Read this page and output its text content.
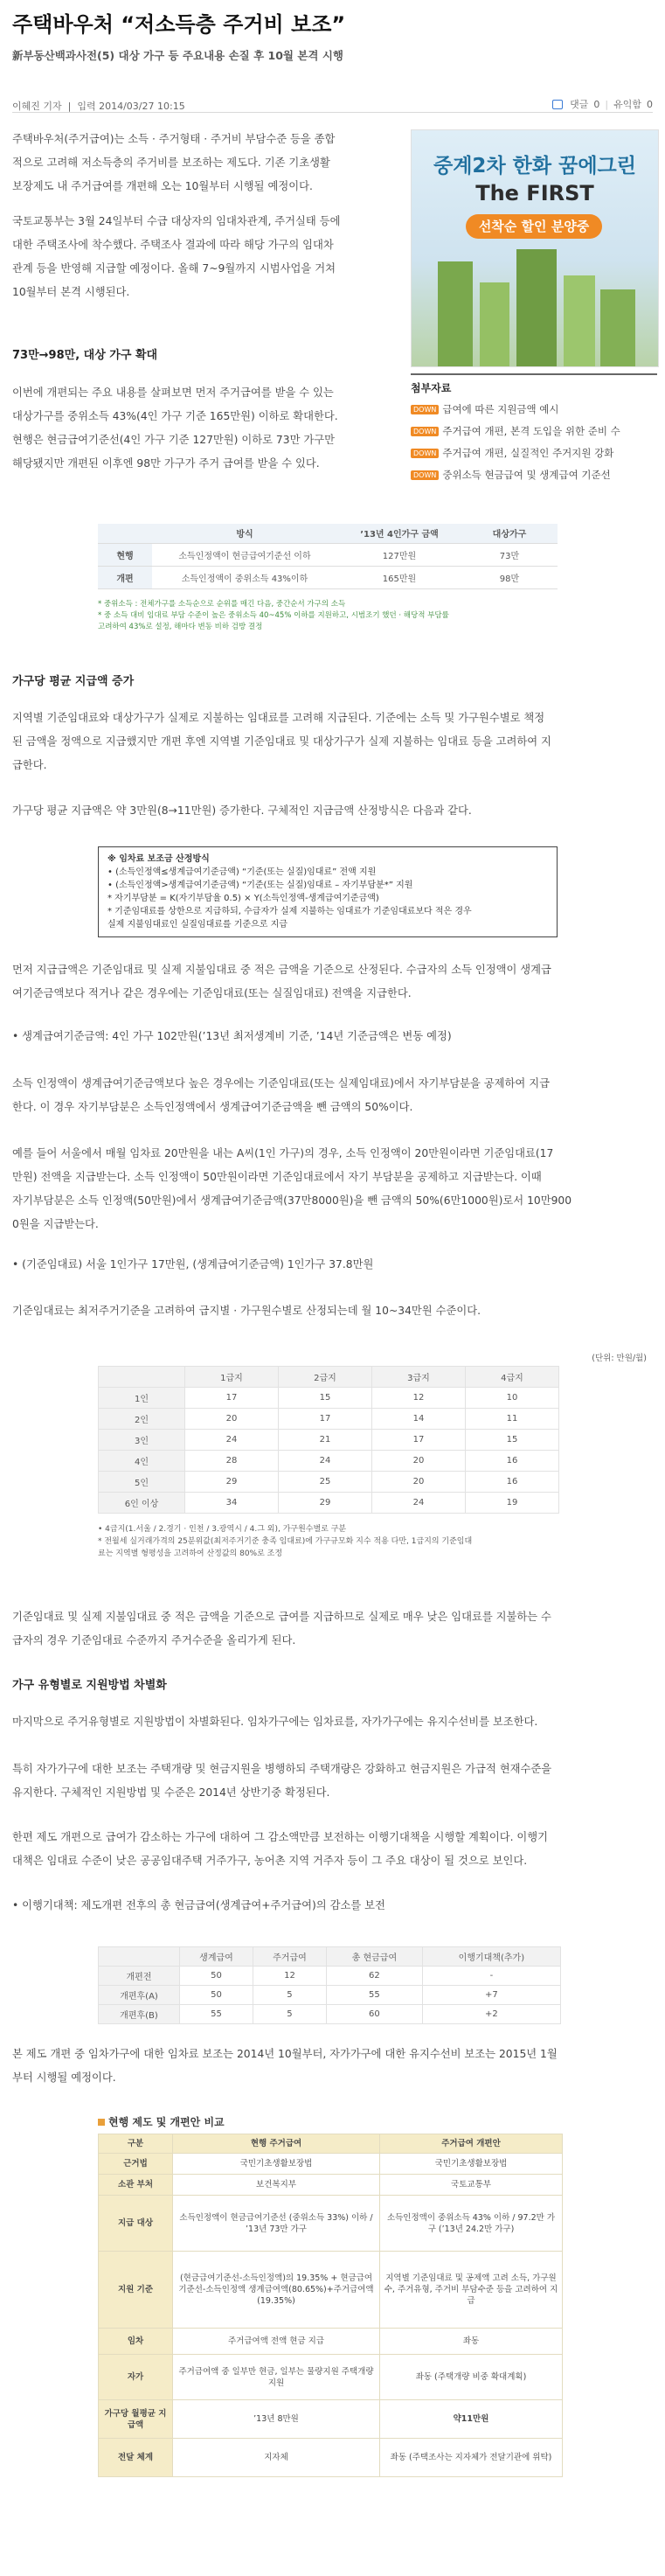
주택바우처 “저소득층 주거비 보조”
新부동산백과사전(5) 대상 가구 등 주요내용 손질 후 10월 본격 시행
이혜진 기자  |  입력 2014/03/27 10:15	댓글 0 | 유익함 0
중계2차 한화 꿈에그린
The FIRST
선착순 할인 분양중
첨부자료
DOWN 급여에 따른 지원금액 예시
DOWN 주거급여 개편, 본격 도입을 위한 준비 수
DOWN 주거급여 개편, 실질적인 주거지원 강화
DOWN 중위소득 현금급여 및 생계급여 기준선

주택바우처(주거급여)는 소득 · 주거형태 · 주거비 부담수준 등을 종합

적으로 고려해 저소득층의 주거비를 보조하는 제도다. 기존 기초생활

보장제도 내 주거급여를 개편해 오는 10월부터 시행될 예정이다.

국토교통부는 3월 24일부터 수급 대상자의 임대차관계, 주거실태 등에

대한 주택조사에 착수했다. 주택조사 결과에 따라 해당 가구의 임대차

관계 등을 반영해 지급할 예정이다. 올해 7~9월까지 시범사업을 거쳐

10월부터 본격 시행된다.

73만→98만, 대상 가구 확대

이번에 개편되는 주요 내용를 살펴보면 먼저 주거급여를 받을 수 있는

대상가구를 중위소득 43%(4인 가구 기준 165만원) 이하로 확대한다.

현행은 현금급여기준선(4인 가구 기준 127만원) 이하로 73만 가구만

해당됐지만 개편된 이후엔 98만 가구가 주거 급여를 받을 수 있다.

	방식	’13년 4인가구 금액	대상가구
현행	소득인정액이 현금급여기준선 이하	127만원	73만
개편	소득인정액이 중위소득 43%이하	165만원	98만
* 중위소득 : 전체가구를 소득순으로 순위를 매긴 다음, 중간순서 가구의 소득
* 중 소득 대비 임대료 부담 수준이 높은 중위소득 40~45% 이하를 지원하고, 시범조기 했던 · 해당적 부담률
고려하여 43%로 설정, 해마다 변동 비하 검방 결정
가구당 평균 지급액 증가

지역별 기준임대료와 대상가구가 실제로 지불하는 임대료를 고려해 지급된다. 기준에는 소득 및 가구원수별로 책정

된 금액을 정액으로 지급했지만 개편 후엔 지역별 기준임대료 및 대상가구가 실제 지불하는 임대료 등을 고려하여 지

급한다.

가구당 평균 지급액은 약 3만원(8→11만원) 증가한다. 구체적인 지급금액 산정방식은 다음과 같다.

※ 임차료 보조금 산정방식
• (소득인정액≤생계급여기준금액) “기준(또는 실질)임대료” 전액 지원
• (소득인정액>생계급여기준금액) “기준(또는 실질)임대료 – 자기부담분*” 지원
* 자기부담분 = K(자기부담율 0.5) × Y(소득인정액-생계급여기준금액)
* 기준임대료를 상한으로 지급하되, 수급자가 실제 지불하는 임대료가 기준임대료보다 적은 경우
실제 지불임대료인 실질임대료를 기준으로 지급

먼저 지급급액은 기준임대료 및 실제 지불임대료 중 적은 금액을 기준으로 산정된다. 수급자의 소득 인정액이 생계급

여기준금액보다 적거나 같은 경우에는 기준임대료(또는 실질임대료) 전액을 지급한다.

• 생계급여기준금액: 4인 가구 102만원(’13년 최저생계비 기준, ’14년 기준금액은 변동 예정)

소득 인정액이 생계급여기준금액보다 높은 경우에는 기준임대료(또는 실제임대료)에서 자기부담분을 공제하여 지급

한다. 이 경우 자기부담분은 소득인정액에서 생계급여기준금액을 뺀 금액의 50%이다.

예를 들어 서울에서 매월 임차료 20만원을 내는 A씨(1인 가구)의 경우, 소득 인정액이 20만원이라면 기준임대료(17

만원) 전액을 지급받는다. 소득 인정액이 50만원이라면 기준임대료에서 자기 부담분을 공제하고 지급받는다. 이때

자기부담분은 소득 인정액(50만원)에서 생계급여기준금액(37만8000원)을 뺀 금액의 50%(6만1000원)로서 10만900

0원을 지급받는다.

• (기준임대료) 서울 1인가구 17만원, (생계급여기준금액) 1인가구 37.8만원

기준임대료는 최저주거기준을 고려하여 급지별 · 가구원수별로 산정되는데 월 10~34만원 수준이다.

(단위: 만원/월)
	1급지	2급지	3급지	4급지
1인	17	15	12	10
2인	20	17	14	11
3인	24	21	17	15
4인	28	24	20	16
5인	29	25	20	16
6인 이상	34	29	24	19
• 4급지(1.서울 / 2.경기 · 인천 / 3.광역시 / 4.그 외), 가구원수별로 구분
* 전월세 실거래가격의 25분위값(최저주거기준 충족 임대료)에 가구규모화 지수 적용 다만, 1급지의 기준임대
료는 지역별 형평성을 고려하여 산정값의 80%로 조정

기준임대료 및 실제 지불임대료 중 적은 금액을 기준으로 급여를 지급하므로 실제로 매우 낮은 임대료를 지불하는 수

급자의 경우 기준임대료 수준까지 주거수준을 올리가게 된다.

가구 유형별로 지원방법 차별화

마지막으로 주거유형별로 지원방법이 차별화된다. 임차가구에는 임차료를, 자가가구에는 유지수선비를 보조한다.

특히 자가가구에 대한 보조는 주택개량 및 현금지원을 병행하되 주택개량은 강화하고 현금지원은 가급적 현재수준을

유지한다. 구체적인 지원방법 및 수준은 2014년 상반기중 확정된다.

한편 제도 개편으로 급여가 감소하는 가구에 대하여 그 감소액만큼 보전하는 이행기대책을 시행할 계획이다. 이행기

대책은 임대료 수준이 낮은 공공임대주택 거주가구, 농어촌 지역 거주자 등이 그 주요 대상이 될 것으로 보인다.

• 이행기대책: 제도개편 전후의 총 현금급여(생계급여+주거급여)의 감소를 보전

	생계급여	주거급여	총 현금급여	이행기대책(추가)
개편전	50	12	62	-
개편후(A)	50	5	55	+7
개편후(B)	55	5	60	+2

본 제도 개편 중 임차가구에 대한 임차료 보조는 2014년 10월부터, 자가가구에 대한 유지수선비 보조는 2015년 1월

부터 시행될 예정이다.

현행 제도 및 개편안 비교
구분	현행 주거급여	주거급여 개편안
근거법	국민기초생활보장법	국민기초생활보장법
소관 부처	보건복지부	국토교통부
지급 대상	소득인정액이 현금급여기준선 (중위소득 33%) 이하 / ’13년 73만 가구	소득인정액이 중위소득 43% 이하 / 97.2만 가구 (’13년 24.2만 가구)
지원 기준	(현금급여기준선-소득인정액)의 19.35% + 현금급여기준선-소득인정액 생계급여액(80.65%)+주거급여액(19.35%)	지역별 기준임대료 및 공제액 고려 소득, 가구원수, 주거유형, 주거비 부담수준 등을 고려하여 지급
임차	주거급여액 전액 현금 지급	좌동
자가	주거급여액 중 일부만 현금, 일부는 물량지원 주택개량 지원	좌동 (주택개량 비중 확대계획)
가구당 월평균 지급액	’13년 8만원	약11만원
전달 체계	지자체	좌동 (주택조사는 지자체가 전달기관에 위탁)
